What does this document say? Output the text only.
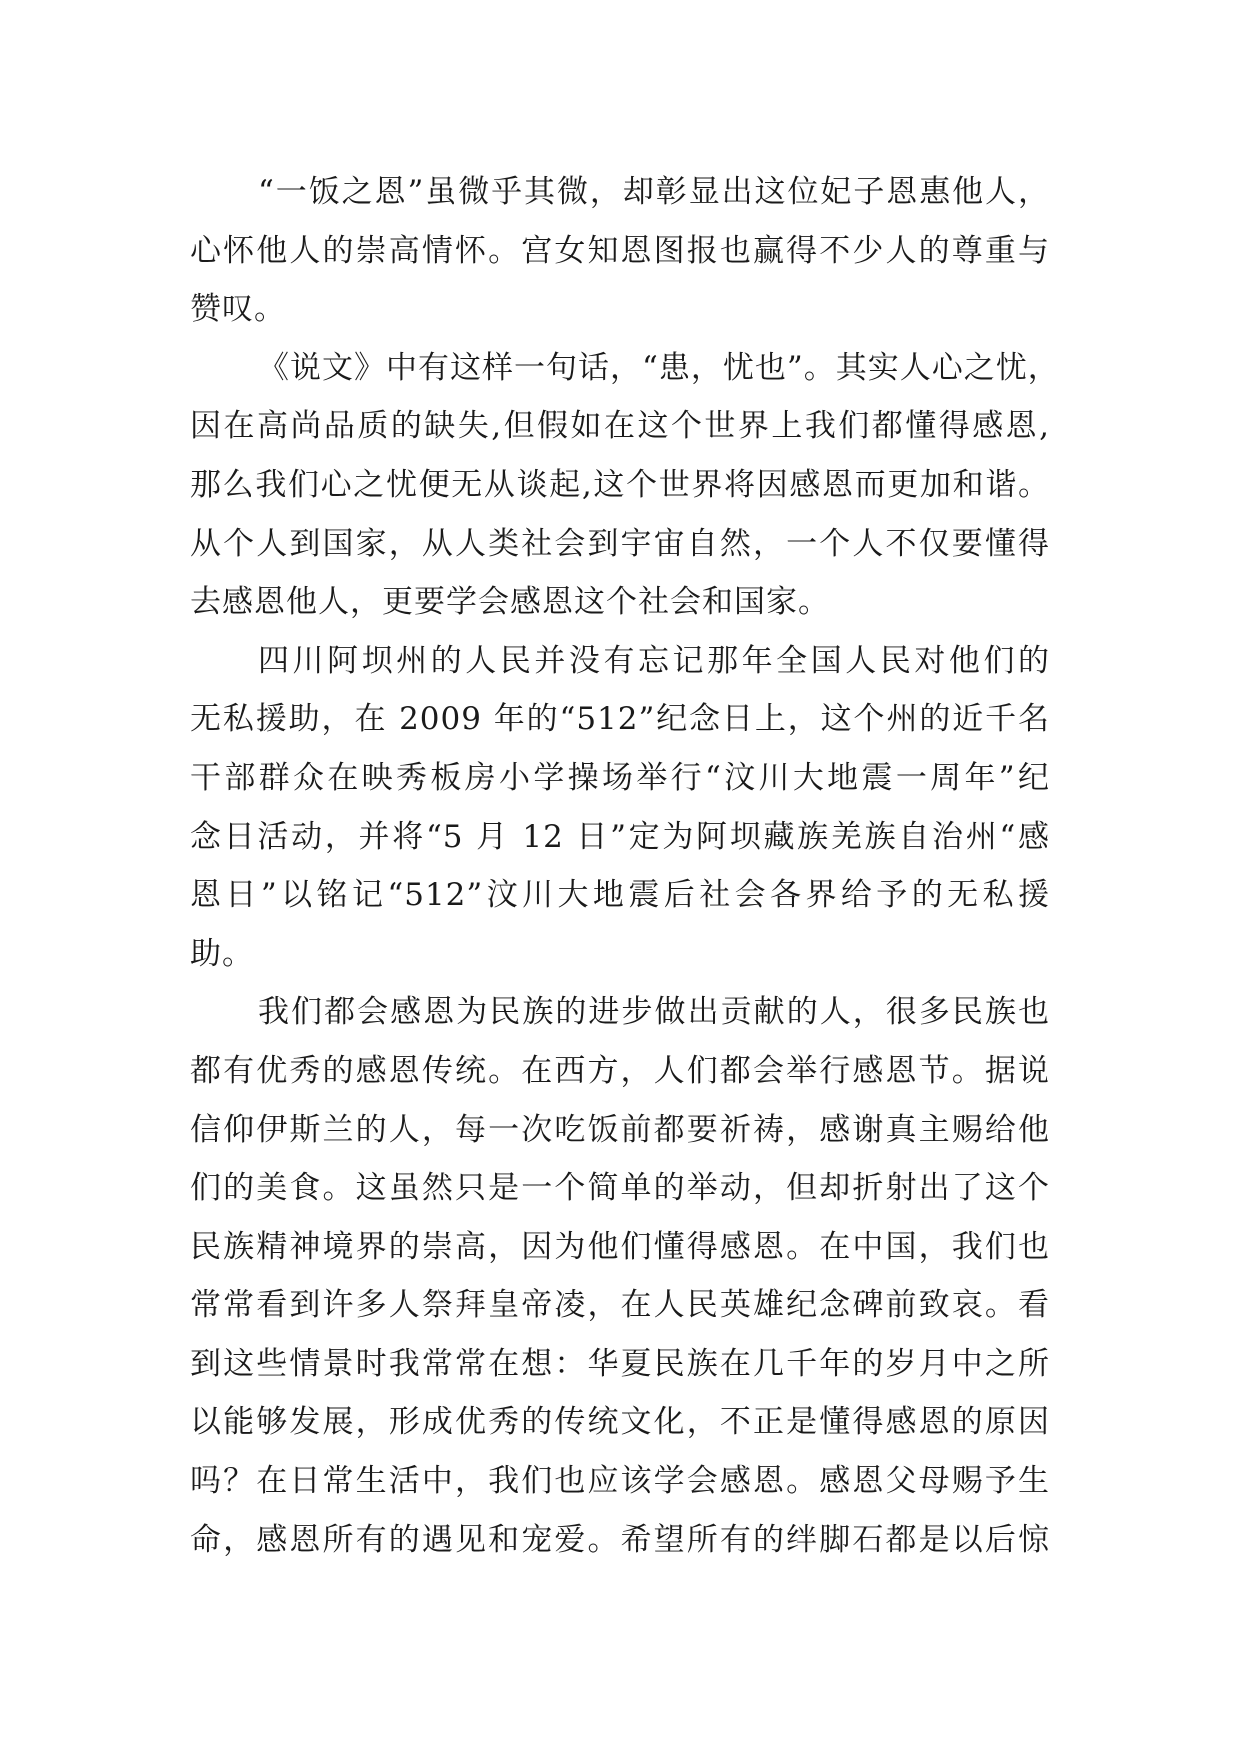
“一饭之恩”虽微乎其微，却彰显出这位妃子恩惠他人，
心怀他人的崇高情怀。宫女知恩图报也赢得不少人的尊重与
赞叹。
《说文》中有这样一句话，“患，忧也”。其实人心之忧，
因在高尚品质的缺失,但假如在这个世界上我们都懂得感恩,
那么我们心之忧便无从谈起,这个世界将因感恩而更加和谐。
从个人到国家，从人类社会到宇宙自然，一个人不仅要懂得
去感恩他人，更要学会感恩这个社会和国家。
四川阿坝州的人民并没有忘记那年全国人民对他们的
无私援助，在 2009 年的“512”纪念日上，这个州的近千名
干部群众在映秀板房小学操场举行“汶川大地震一周年”纪
念日活动，并将“5 月 12 日”定为阿坝藏族羌族自治州“感
恩日”以铭记“512”汶川大地震后社会各界给予的无私援
助。
我们都会感恩为民族的进步做出贡献的人，很多民族也
都有优秀的感恩传统。在西方，人们都会举行感恩节。据说
信仰伊斯兰的人，每一次吃饭前都要祈祷，感谢真主赐给他
们的美食。这虽然只是一个简单的举动，但却折射出了这个
民族精神境界的崇高，因为他们懂得感恩。在中国，我们也
常常看到许多人祭拜皇帝凌，在人民英雄纪念碑前致哀。看
到这些情景时我常常在想：华夏民族在几千年的岁月中之所
以能够发展，形成优秀的传统文化，不正是懂得感恩的原因
吗？在日常生活中，我们也应该学会感恩。感恩父母赐予生
命，感恩所有的遇见和宠爱。希望所有的绊脚石都是以后惊
